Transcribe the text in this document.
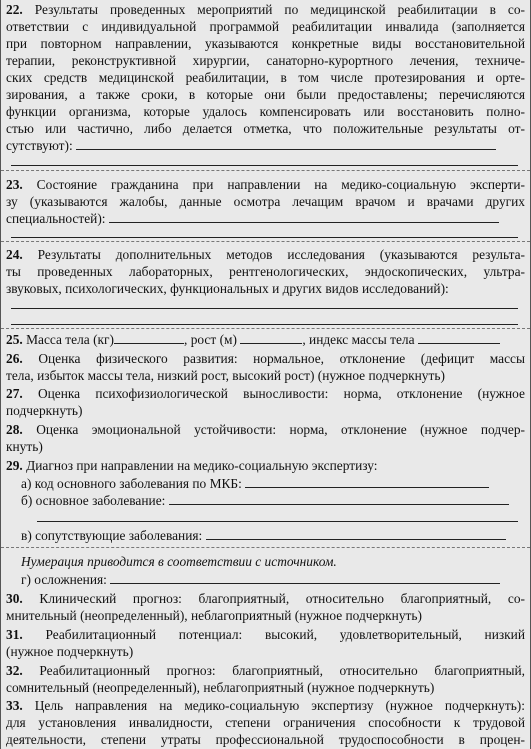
22. Результаты проведенных мероприятий по медицинской реабилитации в со-
ответствии с индивидуальной программой реабилитации инвалида (заполняется
при повторном направлении, указываются конкретные виды восстановительной
терапии, реконструктивной хирургии, санаторно-курортного лечения, техниче-
ских средств медицинской реабилитации, в том числе протезирования и орте-
зирования, а также сроки, в которые они были предоставлены; перечисляются
функции организма, которые удалось компенсировать или восстановить полно-
стью или частично, либо делается отметка, что положительные результаты от-
сутствуют):
23. Состояние гражданина при направлении на медико-социальную эксперти-
зу (указываются жалобы, данные осмотра лечащим врачом и врачами других
специальностей):
24. Результаты дополнительных методов исследования (указываются результа-
ты проведенных лабораторных, рентгенологических, эндоскопических, ультра-
звуковых, психологических, функциональных и других видов исследований):
25. Масса тела (кг)	, рост (м)	, индекс массы тела
26. Оценка физического развития: нормальное, отклонение (дефицит массы
тела, избыток массы тела, низкий рост, высокий рост) (нужное подчеркнуть)
27. Оценка психофизиологической выносливости: норма, отклонение (нужное
подчеркнуть)
28. Оценка эмоциональной устойчивости: норма, отклонение (нужное подчер-
кнуть)
29. Диагноз при направлении на медико-социальную экспертизу:
а) код основного заболевания по МКБ:
б) основное заболевание:
в) сопутствующие заболевания:
Нумерация приводится в соответствии с источником.
г) осложнения:
30. Клинический прогноз: благоприятный, относительно благоприятный, со-
мнительный (неопределенный), неблагоприятный (нужное подчеркнуть)
31. Реабилитационный потенциал: высокий, удовлетворительный, низкий
(нужное подчеркнуть)
32. Реабилитационный прогноз: благоприятный, относительно благоприятный,
сомнительный (неопределенный), неблагоприятный (нужное подчеркнуть)
33. Цель направления на медико-социальную экспертизу (нужное подчеркнуть):
для установления инвалидности, степени ограничения способности к трудовой
деятельности, степени утраты профессиональной трудоспособности в процен-
